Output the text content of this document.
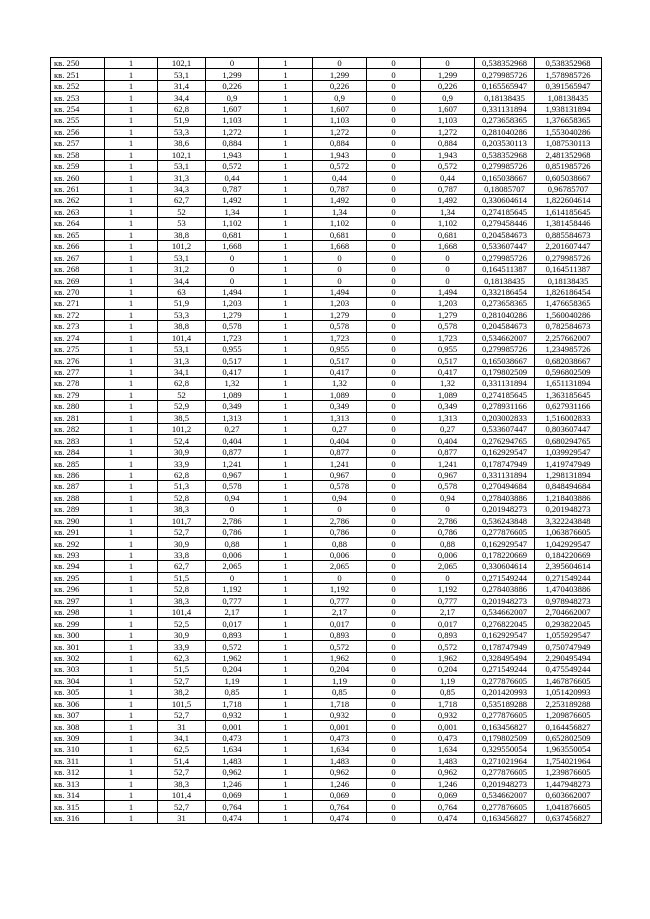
кв. 250	1	102,1	0	1	0	0	0	0,538352968	0,538352968
кв. 251	1	53,1	1,299	1	1,299	0	1,299	0,279985726	1,578985726
кв. 252	1	31,4	0,226	1	0,226	0	0,226	0,165565947	0,391565947
кв. 253	1	34,4	0,9	1	0,9	0	0,9	0,18138435	1,08138435
кв. 254	1	62,8	1,607	1	1,607	0	1,607	0,331131894	1,938131894
кв. 255	1	51,9	1,103	1	1,103	0	1,103	0,273658365	1,376658365
кв. 256	1	53,3	1,272	1	1,272	0	1,272	0,281040286	1,553040286
кв. 257	1	38,6	0,884	1	0,884	0	0,884	0,203530113	1,087530113
кв. 258	1	102,1	1,943	1	1,943	0	1,943	0,538352968	2,481352968
кв. 259	1	53,1	0,572	1	0,572	0	0,572	0,279985726	0,851985726
кв. 260	1	31,3	0,44	1	0,44	0	0,44	0,165038667	0,605038667
кв. 261	1	34,3	0,787	1	0,787	0	0,787	0,18085707	0,96785707
кв. 262	1	62,7	1,492	1	1,492	0	1,492	0,330604614	1,822604614
кв. 263	1	52	1,34	1	1,34	0	1,34	0,274185645	1,614185645
кв. 264	1	53	1,102	1	1,102	0	1,102	0,279458446	1,381458446
кв. 265	1	38,8	0,681	1	0,681	0	0,681	0,204584673	0,885584673
кв. 266	1	101,2	1,668	1	1,668	0	1,668	0,533607447	2,201607447
кв. 267	1	53,1	0	1	0	0	0	0,279985726	0,279985726
кв. 268	1	31,2	0	1	0	0	0	0,164511387	0,164511387
кв. 269	1	34,4	0	1	0	0	0	0,18138435	0,18138435
кв. 270	1	63	1,494	1	1,494	0	1,494	0,332186454	1,826186454
кв. 271	1	51,9	1,203	1	1,203	0	1,203	0,273658365	1,476658365
кв. 272	1	53,3	1,279	1	1,279	0	1,279	0,281040286	1,560040286
кв. 273	1	38,8	0,578	1	0,578	0	0,578	0,204584673	0,782584673
кв. 274	1	101,4	1,723	1	1,723	0	1,723	0,534662007	2,257662007
кв. 275	1	53,1	0,955	1	0,955	0	0,955	0,279985726	1,234985726
кв. 276	1	31,3	0,517	1	0,517	0	0,517	0,165038667	0,682038667
кв. 277	1	34,1	0,417	1	0,417	0	0,417	0,179802509	0,596802509
кв. 278	1	62,8	1,32	1	1,32	0	1,32	0,331131894	1,651131894
кв. 279	1	52	1,089	1	1,089	0	1,089	0,274185645	1,363185645
кв. 280	1	52,9	0,349	1	0,349	0	0,349	0,278931166	0,627931166
кв. 281	1	38,5	1,313	1	1,313	0	1,313	0,203002833	1,516002833
кв. 282	1	101,2	0,27	1	0,27	0	0,27	0,533607447	0,803607447
кв. 283	1	52,4	0,404	1	0,404	0	0,404	0,276294765	0,680294765
кв. 284	1	30,9	0,877	1	0,877	0	0,877	0,162929547	1,039929547
кв. 285	1	33,9	1,241	1	1,241	0	1,241	0,178747949	1,419747949
кв. 286	1	62,8	0,967	1	0,967	0	0,967	0,331131894	1,298131894
кв. 287	1	51,3	0,578	1	0,578	0	0,578	0,270494684	0,848494684
кв. 288	1	52,8	0,94	1	0,94	0	0,94	0,278403886	1,218403886
кв. 289	1	38,3	0	1	0	0	0	0,201948273	0,201948273
кв. 290	1	101,7	2,786	1	2,786	0	2,786	0,536243848	3,322243848
кв. 291	1	52,7	0,786	1	0,786	0	0,786	0,277876605	1,063876605
кв. 292	1	30,9	0,88	1	0,88	0	0,88	0,162929547	1,042929547
кв. 293	1	33,8	0,006	1	0,006	0	0,006	0,178220669	0,184220669
кв. 294	1	62,7	2,065	1	2,065	0	2,065	0,330604614	2,395604614
кв. 295	1	51,5	0	1	0	0	0	0,271549244	0,271549244
кв. 296	1	52,8	1,192	1	1,192	0	1,192	0,278403886	1,470403886
кв. 297	1	38,3	0,777	1	0,777	0	0,777	0,201948273	0,978948273
кв. 298	1	101,4	2,17	1	2,17	0	2,17	0,534662007	2,704662007
кв. 299	1	52,5	0,017	1	0,017	0	0,017	0,276822045	0,293822045
кв. 300	1	30,9	0,893	1	0,893	0	0,893	0,162929547	1,055929547
кв. 301	1	33,9	0,572	1	0,572	0	0,572	0,178747949	0,750747949
кв. 302	1	62,3	1,962	1	1,962	0	1,962	0,328495494	2,290495494
кв. 303	1	51,5	0,204	1	0,204	0	0,204	0,271549244	0,475549244
кв. 304	1	52,7	1,19	1	1,19	0	1,19	0,277876605	1,467876605
кв. 305	1	38,2	0,85	1	0,85	0	0,85	0,201420993	1,051420993
кв. 306	1	101,5	1,718	1	1,718	0	1,718	0,535189288	2,253189288
кв. 307	1	52,7	0,932	1	0,932	0	0,932	0,277876605	1,209876605
кв. 308	1	31	0,001	1	0,001	0	0,001	0,163456827	0,164456827
кв. 309	1	34,1	0,473	1	0,473	0	0,473	0,179802509	0,652802509
кв. 310	1	62,5	1,634	1	1,634	0	1,634	0,329550054	1,963550054
кв. 311	1	51,4	1,483	1	1,483	0	1,483	0,271021964	1,754021964
кв. 312	1	52,7	0,962	1	0,962	0	0,962	0,277876605	1,239876605
кв. 313	1	38,3	1,246	1	1,246	0	1,246	0,201948273	1,447948273
кв. 314	1	101,4	0,069	1	0,069	0	0,069	0,534662007	0,603662007
кв. 315	1	52,7	0,764	1	0,764	0	0,764	0,277876605	1,041876605
кв. 316	1	31	0,474	1	0,474	0	0,474	0,163456827	0,637456827
